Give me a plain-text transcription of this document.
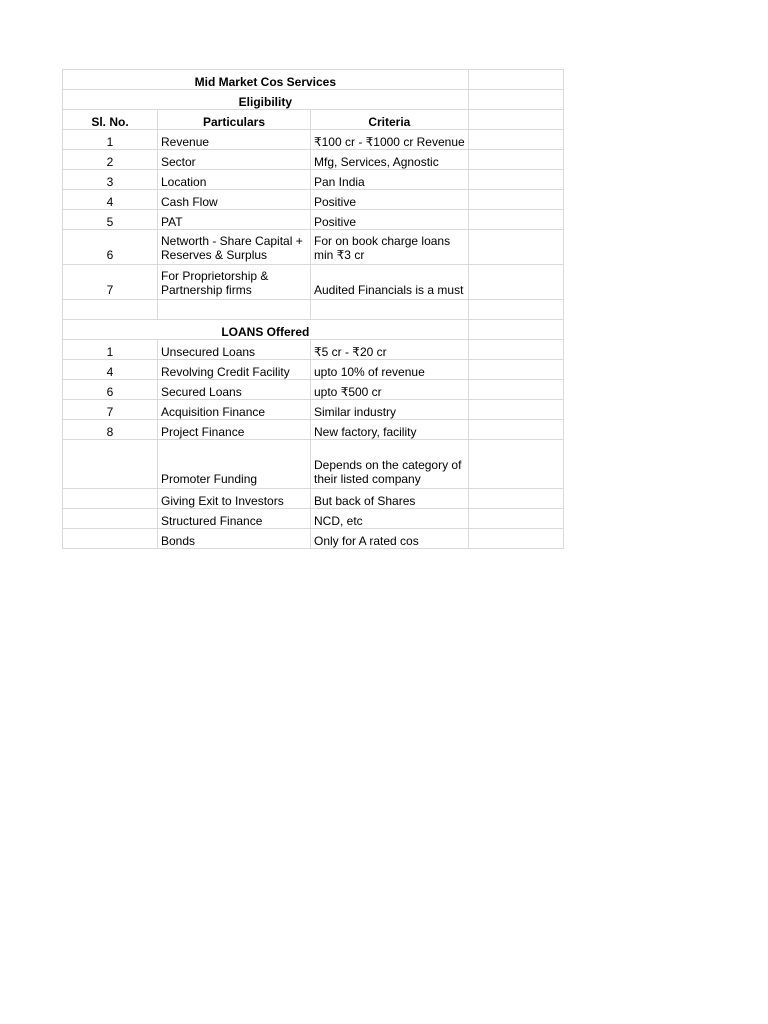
Mid Market Cos Services			
Eligibility			
Sl. No.	Particulars	Criteria	
1	Revenue	₹100 cr - ₹1000 cr Revenue	
2	Sector	Mfg, Services, Agnostic	
3	Location	Pan India	
4	Cash Flow	Positive	
5	PAT	Positive	
6	Networth - Share Capital + Reserves & Surplus	For on book charge loans min ₹3 cr	
7	For Proprietorship & Partnership firms	Audited Financials is a must	

LOANS Offered			
1	Unsecured Loans	₹5 cr - ₹20 cr	
4	Revolving Credit Facility	upto 10% of revenue	
6	Secured Loans	upto ₹500 cr	
7	Acquisition Finance	Similar industry	
8	Project Finance	New factory, facility	
	Promoter Funding	Depends on the category of their listed company	
	Giving Exit to Investors	But back of Shares	
	Structured Finance	NCD, etc	
	Bonds	Only for A rated cos	
